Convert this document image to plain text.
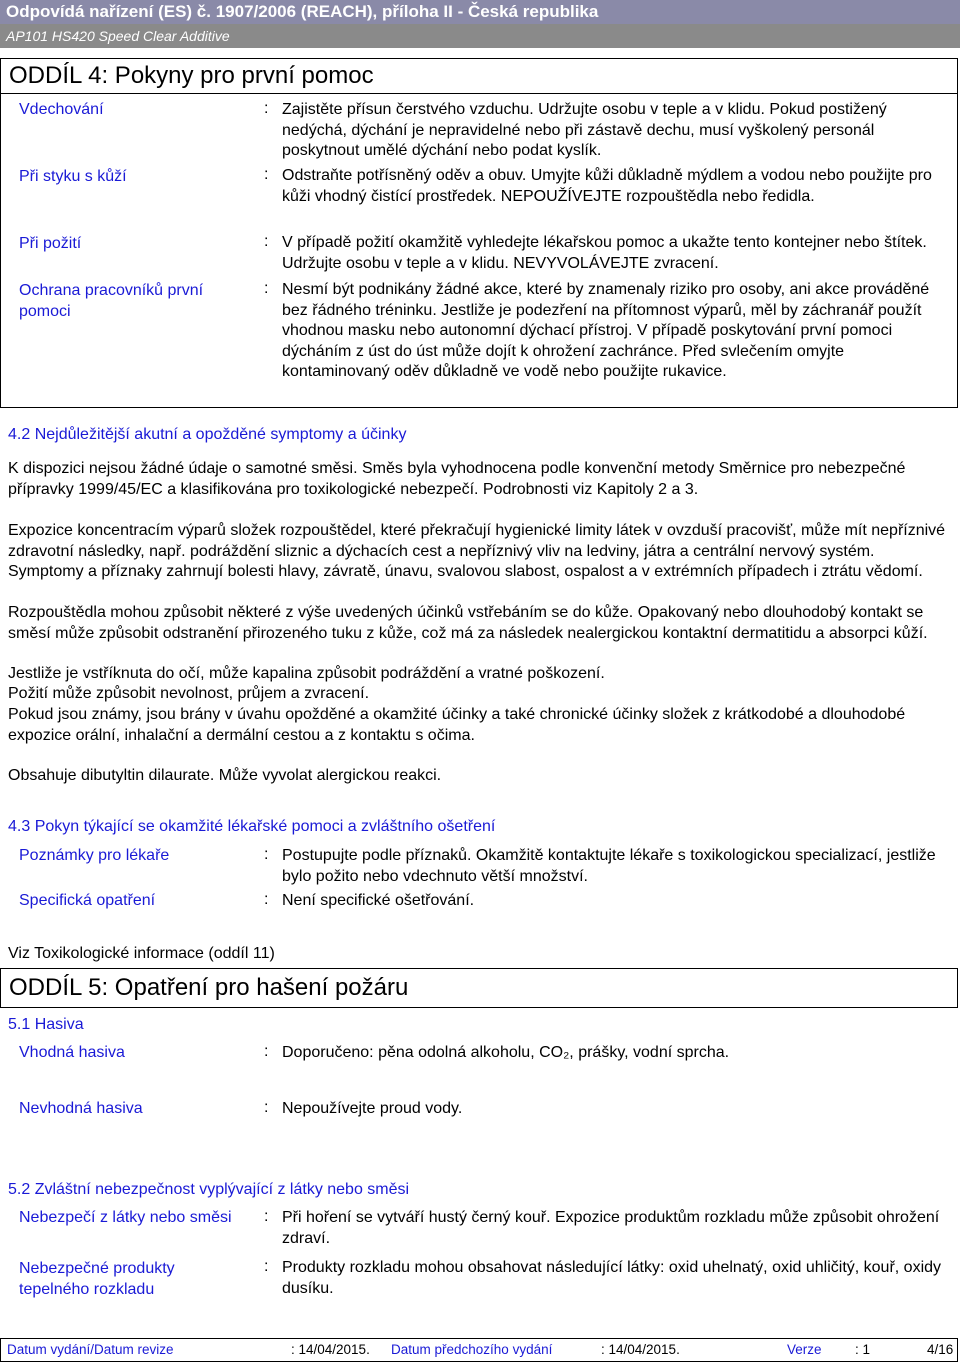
Odpovídá nařízení (ES) č. 1907/2006 (REACH), příloha II - Česká republika
AP101 HS420 Speed Clear Additive
ODDÍL 4: Pokyny pro první pomoc
Vdechování	: Zajistěte přísun čerstvého vzduchu. Udržujte osobu v teple a v klidu. Pokud postižený nedýchá, dýchání je nepravidelné nebo při zástavě dechu, musí vyškolený personál poskytnout umělé dýchání nebo podat kyslík.
Při styku s kůží	: Odstraňte potřísněný oděv a obuv. Umyjte kůži důkladně mýdlem a vodou nebo použijte pro kůži vhodný čistící prostředek. NEPOUŽÍVEJTE rozpouštědla nebo ředidla.
Při požití	: V případě požití okamžitě vyhledejte lékařskou pomoc a ukažte tento kontejner nebo štítek. Udržujte osobu v teple a v klidu. NEVYVOLÁVEJTE zvracení.
Ochrana pracovníků první pomoci
: Nesmí být podnikány žádné akce, které by znamenaly riziko pro osoby, ani akce prováděné bez řádného tréninku. Jestliže je podezření na přítomnost výparů, měl by záchranář použít vhodnou masku nebo autonomní dýchací přístroj. V případě poskytování první pomoci dýcháním z úst do úst může dojít k ohrožení zachránce. Před svlečením omyjte kontaminovaný oděv důkladně ve vodě nebo použijte rukavice.
4.2 Nejdůležitější akutní a opožděné symptomy a účinky

K dispozici nejsou žádné údaje o samotné směsi. Směs byla vyhodnocena podle konvenční metody Směrnice pro nebezpečné přípravky 1999/45/EC a klasifikována pro toxikologické nebezpečí. Podrobnosti viz Kapitoly 2 a 3.

Expozice koncentracím výparů složek rozpouštědel, které překračují hygienické limity látek v ovzduší pracovišť, může mít nepříznivé zdravotní následky, např. podráždění sliznic a dýchacích cest a nepříznivý vliv na ledviny, játra a centrální nervový systém. Symptomy a příznaky zahrnují bolesti hlavy, závratě, únavu, svalovou slabost, ospalost a v extrémních případech i ztrátu vědomí.

Rozpouštědla mohou způsobit některé z výše uvedených účinků vstřebáním se do kůže. Opakovaný nebo dlouhodobý kontakt se směsí může způsobit odstranění přirozeného tuku z kůže, což má za následek nealergickou kontaktní dermatitidu a absorpci kůží.

Jestliže je vstříknuta do očí, může kapalina způsobit podráždění a vratné poškození.

Požití může způsobit nevolnost, průjem a zvracení.

Pokud jsou známy, jsou brány v úvahu opožděné a okamžité účinky a také chronické účinky složek z krátkodobé a dlouhodobé expozice orální, inhalační a dermální cestou a z kontaktu s očima.

Obsahuje dibutyltin dilaurate. Může vyvolat alergickou reakci.

4.3 Pokyn týkající se okamžité lékařské pomoci a zvláštního ošetření
Poznámky pro lékaře	: Postupujte podle příznaků. Okamžitě kontaktujte lékaře s toxikologickou specializací, jestliže bylo požito nebo vdechnuto větší množství.
Specifická opatření	: Není specifické ošetřování.

Viz Toxikologické informace (oddíl 11)

ODDÍL 5: Opatření pro hašení požáru
5.1 Hasiva
Vhodná hasiva	: Doporučeno: pěna odolná alkoholu, CO₂, prášky, vodní sprcha.
Nevhodná hasiva	: Nepoužívejte proud vody.
5.2 Zvláštní nebezpečnost vyplývající z látky nebo směsi
Nebezpečí z látky nebo směsi : Při hoření se vytváří hustý černý kouř. Expozice produktům rozkladu může způsobit ohrožení zdraví.
Nebezpečné produkty tepelného rozkladu
: Produkty rozkladu mohou obsahovat následující látky: oxid uhelnatý, oxid uhličitý, kouř, oxidy dusíku.
Datum vydání/Datum revize	: 14/04/2015. Datum předchozího vydání	: 14/04/2015.	Verze : 1	4/16
